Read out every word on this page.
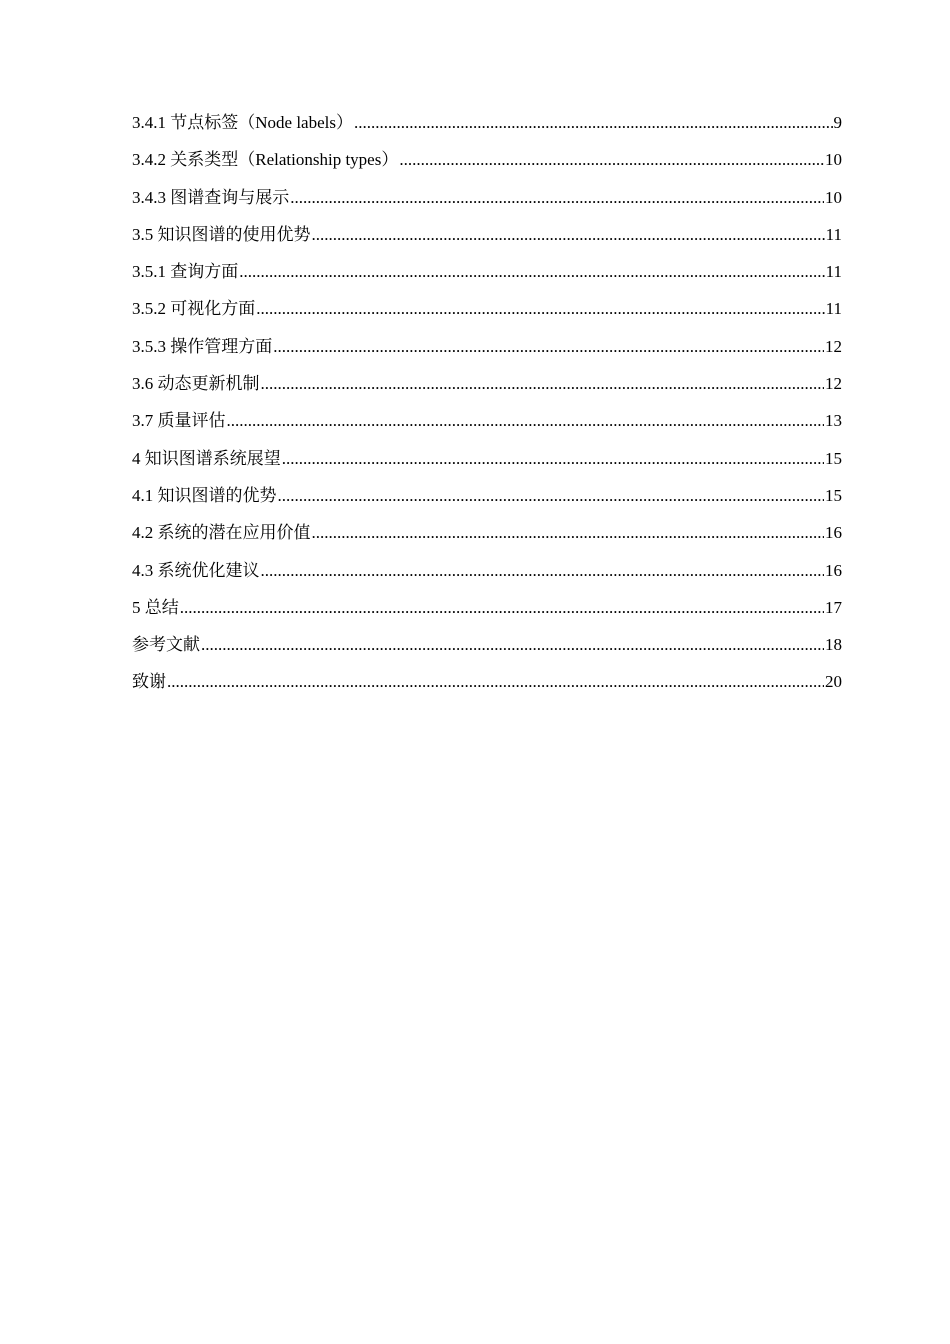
3.4.1 节点标签（Node labels） .....	9
3.4.2 关系类型（Relationship types） .....	10
3.4.3 图谱查询与展示 .....	10
3.5 知识图谱的使用优势 .....	11
3.5.1 查询方面 .....	11
3.5.2 可视化方面 .....	11
3.5.3 操作管理方面 .....	12
3.6 动态更新机制 .....	12
3.7 质量评估 .....	13
4 知识图谱系统展望 .....	15
4.1 知识图谱的优势 .....	15
4.2 系统的潜在应用价值 .....	16
4.3 系统优化建议 .....	16
5 总结 .....	17
参考文献 .....	18
致谢 .....	20
